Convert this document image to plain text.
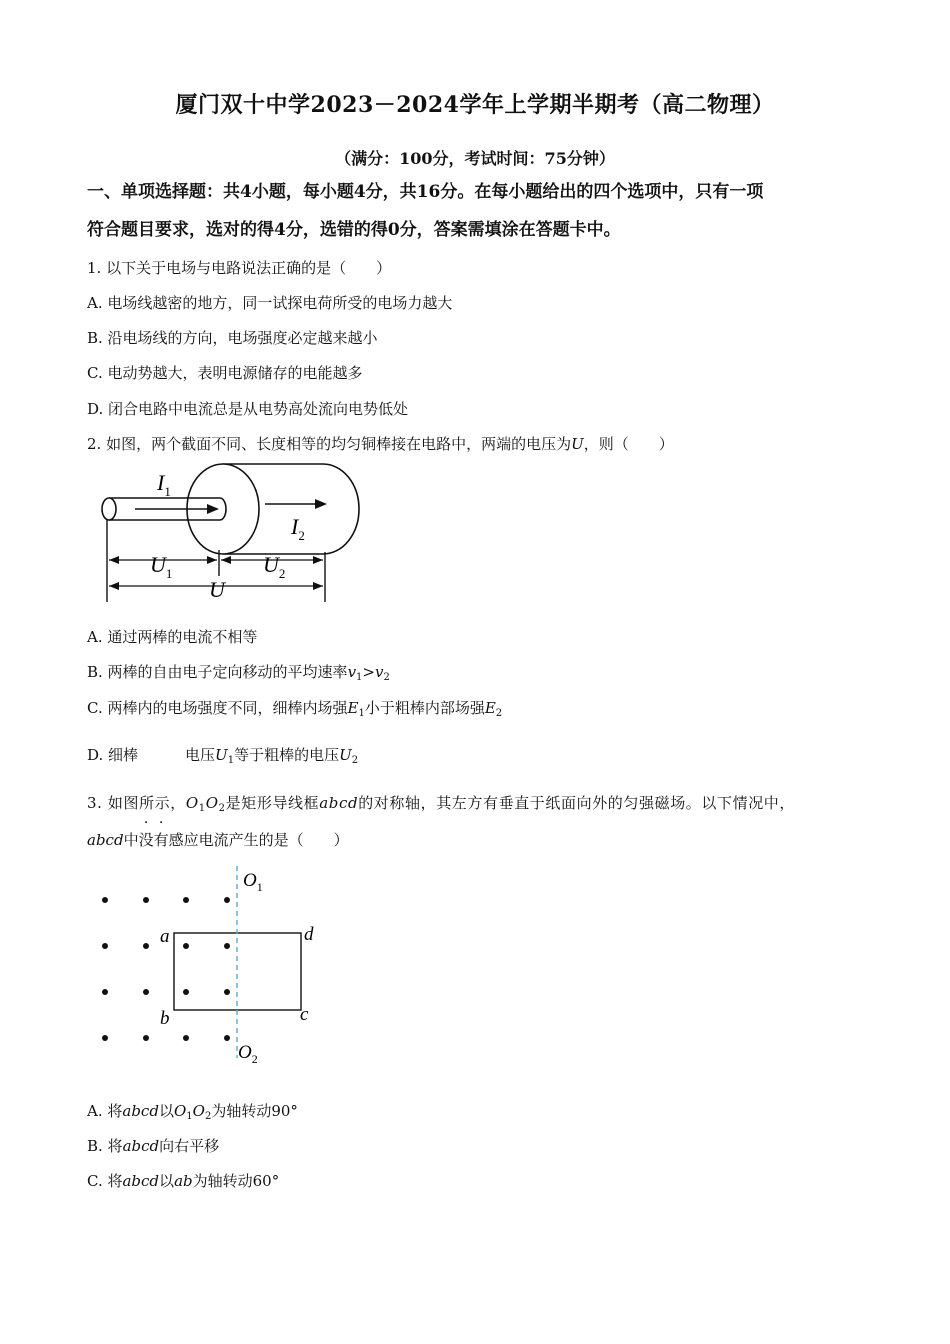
厦门双十中学2023－2024学年上学期半期考（高二物理）
（满分：100分，考试时间：75分钟）
一、单项选择题：共4小题，每小题4分，共16分。在每小题给出的四个选项中，只有一项
符合题目要求，选对的得4分，选错的得0分，答案需填涂在答题卡中。
1. 以下关于电场与电路说法正确的是（　　）
A. 电场线越密的地方，同一试探电荷所受的电场力越大
B. 沿电场线的方向，电场强度必定越来越小
C. 电动势越大，表明电源储存的电能越多
D. 闭合电路中电流总是从电势高处流向电势低处
2. 如图，两个截面不同、长度相等的均匀铜棒接在电路中，两端的电压为U，则（　　）
$I_1$
$I_2$
$U_1$	$U_2$
U
A. 通过两棒的电流不相等
B. 两棒的自由电子定向移动的平均速率$v_1>v_2$
C. 两棒内的电场强度不同，细棒内场强$E_1$小于粗棒内部场强$E_2$
D. 细棒	电压$U_1$等于粗棒的电压$U_2$
3. 如图所示，$O_1O_2$是矩形导线框abcd的对称轴，其左方有垂直于纸面向外的匀强磁场。以下情况中，
abcd中没有感应电流产生的是（　　）
a	d
b	c
$O_1$
$O_2$
A. 将abcd以$O_1O_2$为轴转动90°
B. 将abcd向右平移
C. 将abcd以ab为轴转动60°
